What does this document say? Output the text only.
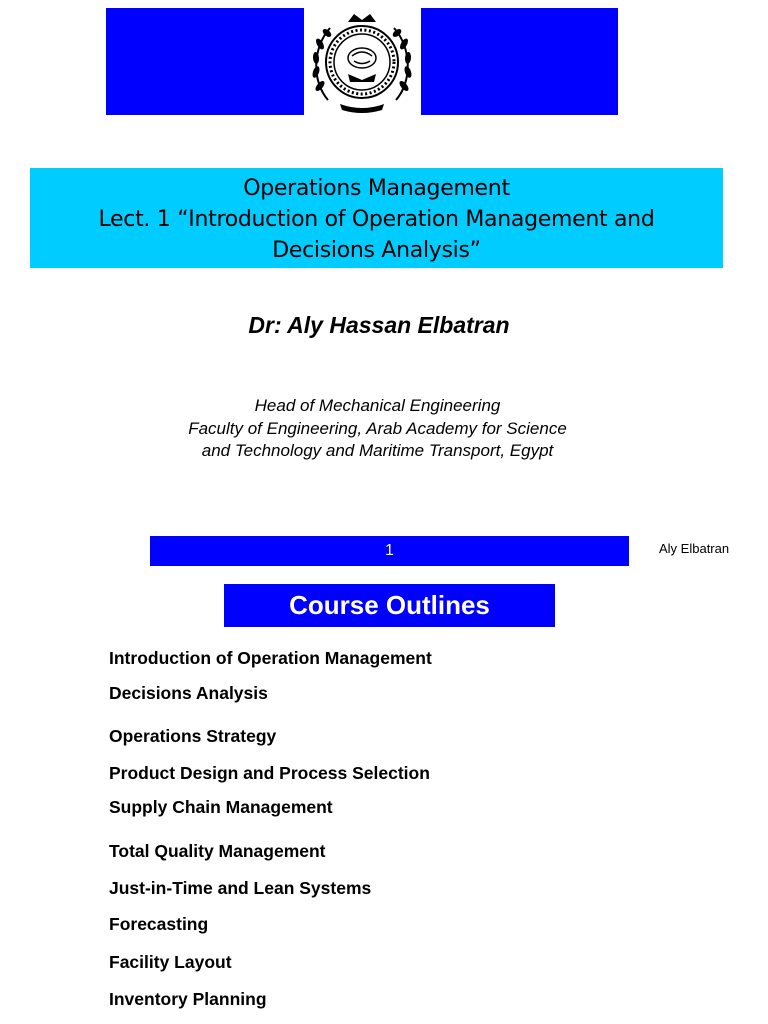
Operations Management
Lect. 1 “Introduction of Operation Management and
Decisions Analysis”
Dr: Aly Hassan Elbatran
Head of Mechanical Engineering
Faculty of Engineering, Arab Academy for Science
and Technology and Maritime Transport, Egypt
1	Aly Elbatran
Course Outlines
Introduction of Operation Management
Decisions Analysis
Operations Strategy
Product Design and Process Selection
Supply Chain Management
Total Quality Management
Just-in-Time and Lean Systems
Forecasting
Facility Layout
Inventory Planning
